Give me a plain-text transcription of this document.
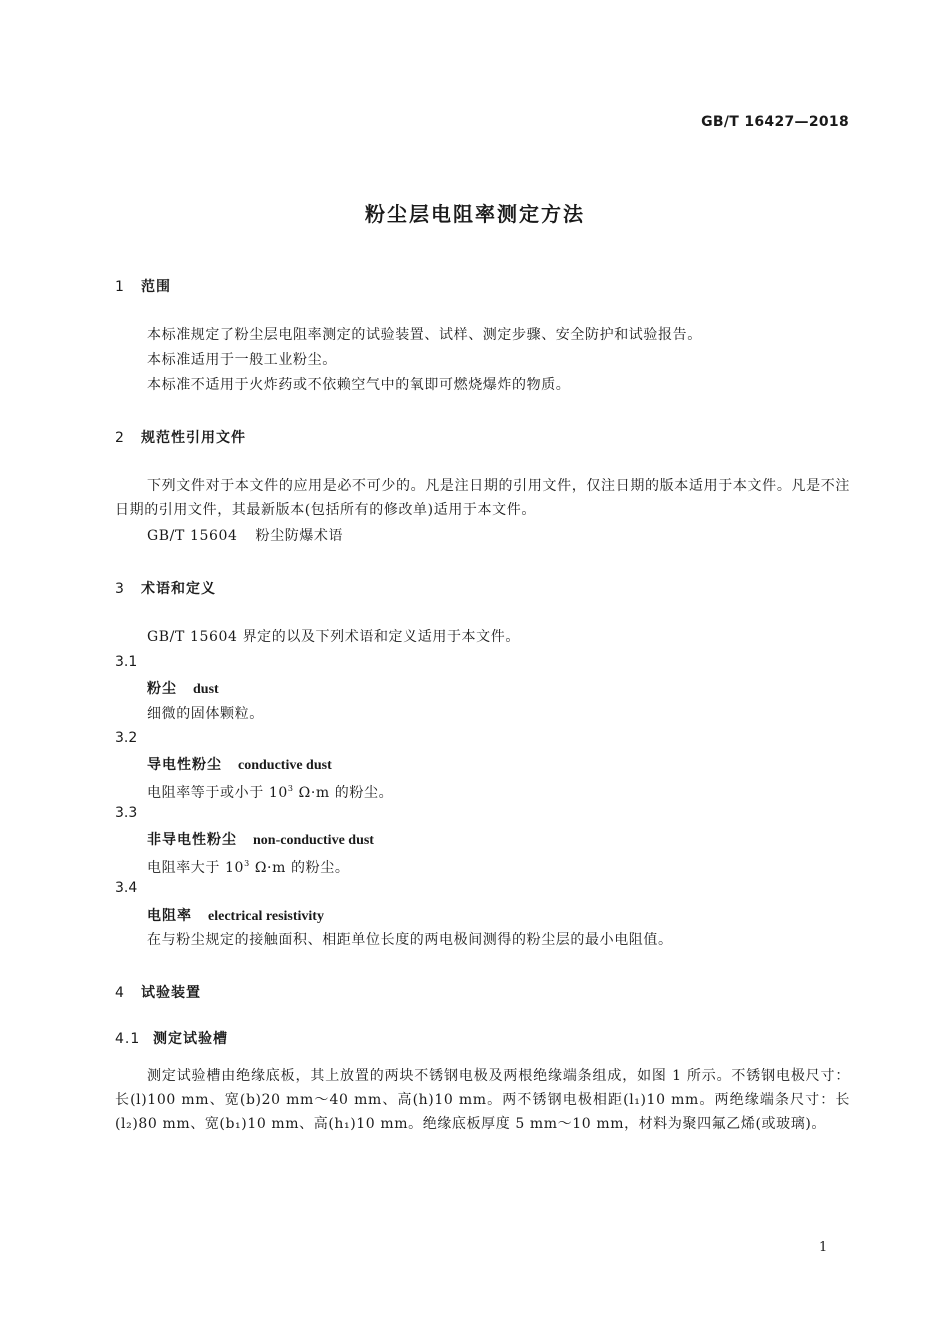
GB/T 16427—2018
粉尘层电阻率测定方法
1 范围
本标准规定了粉尘层电阻率测定的试验装置、试样、测定步骤、安全防护和试验报告。
本标准适用于一般工业粉尘。
本标准不适用于火炸药或不依赖空气中的氧即可燃烧爆炸的物质。
2 规范性引用文件
下列文件对于本文件的应用是必不可少的。凡是注日期的引用文件，仅注日期的版本适用于本文件。凡是不注日期的引用文件，其最新版本(包括所有的修改单)适用于本文件。
GB/T 15604 粉尘防爆术语
3 术语和定义
GB/T 15604 界定的以及下列术语和定义适用于本文件。
3.1
粉尘 dust
细微的固体颗粒。
3.2
导电性粉尘 conductive dust
电阻率等于或小于 $10^3$ Ω·m 的粉尘。
3.3
非导电性粉尘 non-conductive dust
电阻率大于 $10^3$ Ω·m 的粉尘。
3.4
电阻率 electrical resistivity
在与粉尘规定的接触面积、相距单位长度的两电极间测得的粉尘层的最小电阻值。
4 试验装置
4.1 测定试验槽
测定试验槽由绝缘底板，其上放置的两块不锈钢电极及两根绝缘端条组成，如图 1 所示。不锈钢电极尺寸：长(l)100 mm、宽(b)20 mm～40 mm、高(h)10 mm。两不锈钢电极相距(l₁)10 mm。两绝缘端条尺寸：长(l₂)80 mm、宽(b₁)10 mm、高(h₁)10 mm。绝缘底板厚度 5 mm～10 mm，材料为聚四氟乙烯(或玻璃)。
1
